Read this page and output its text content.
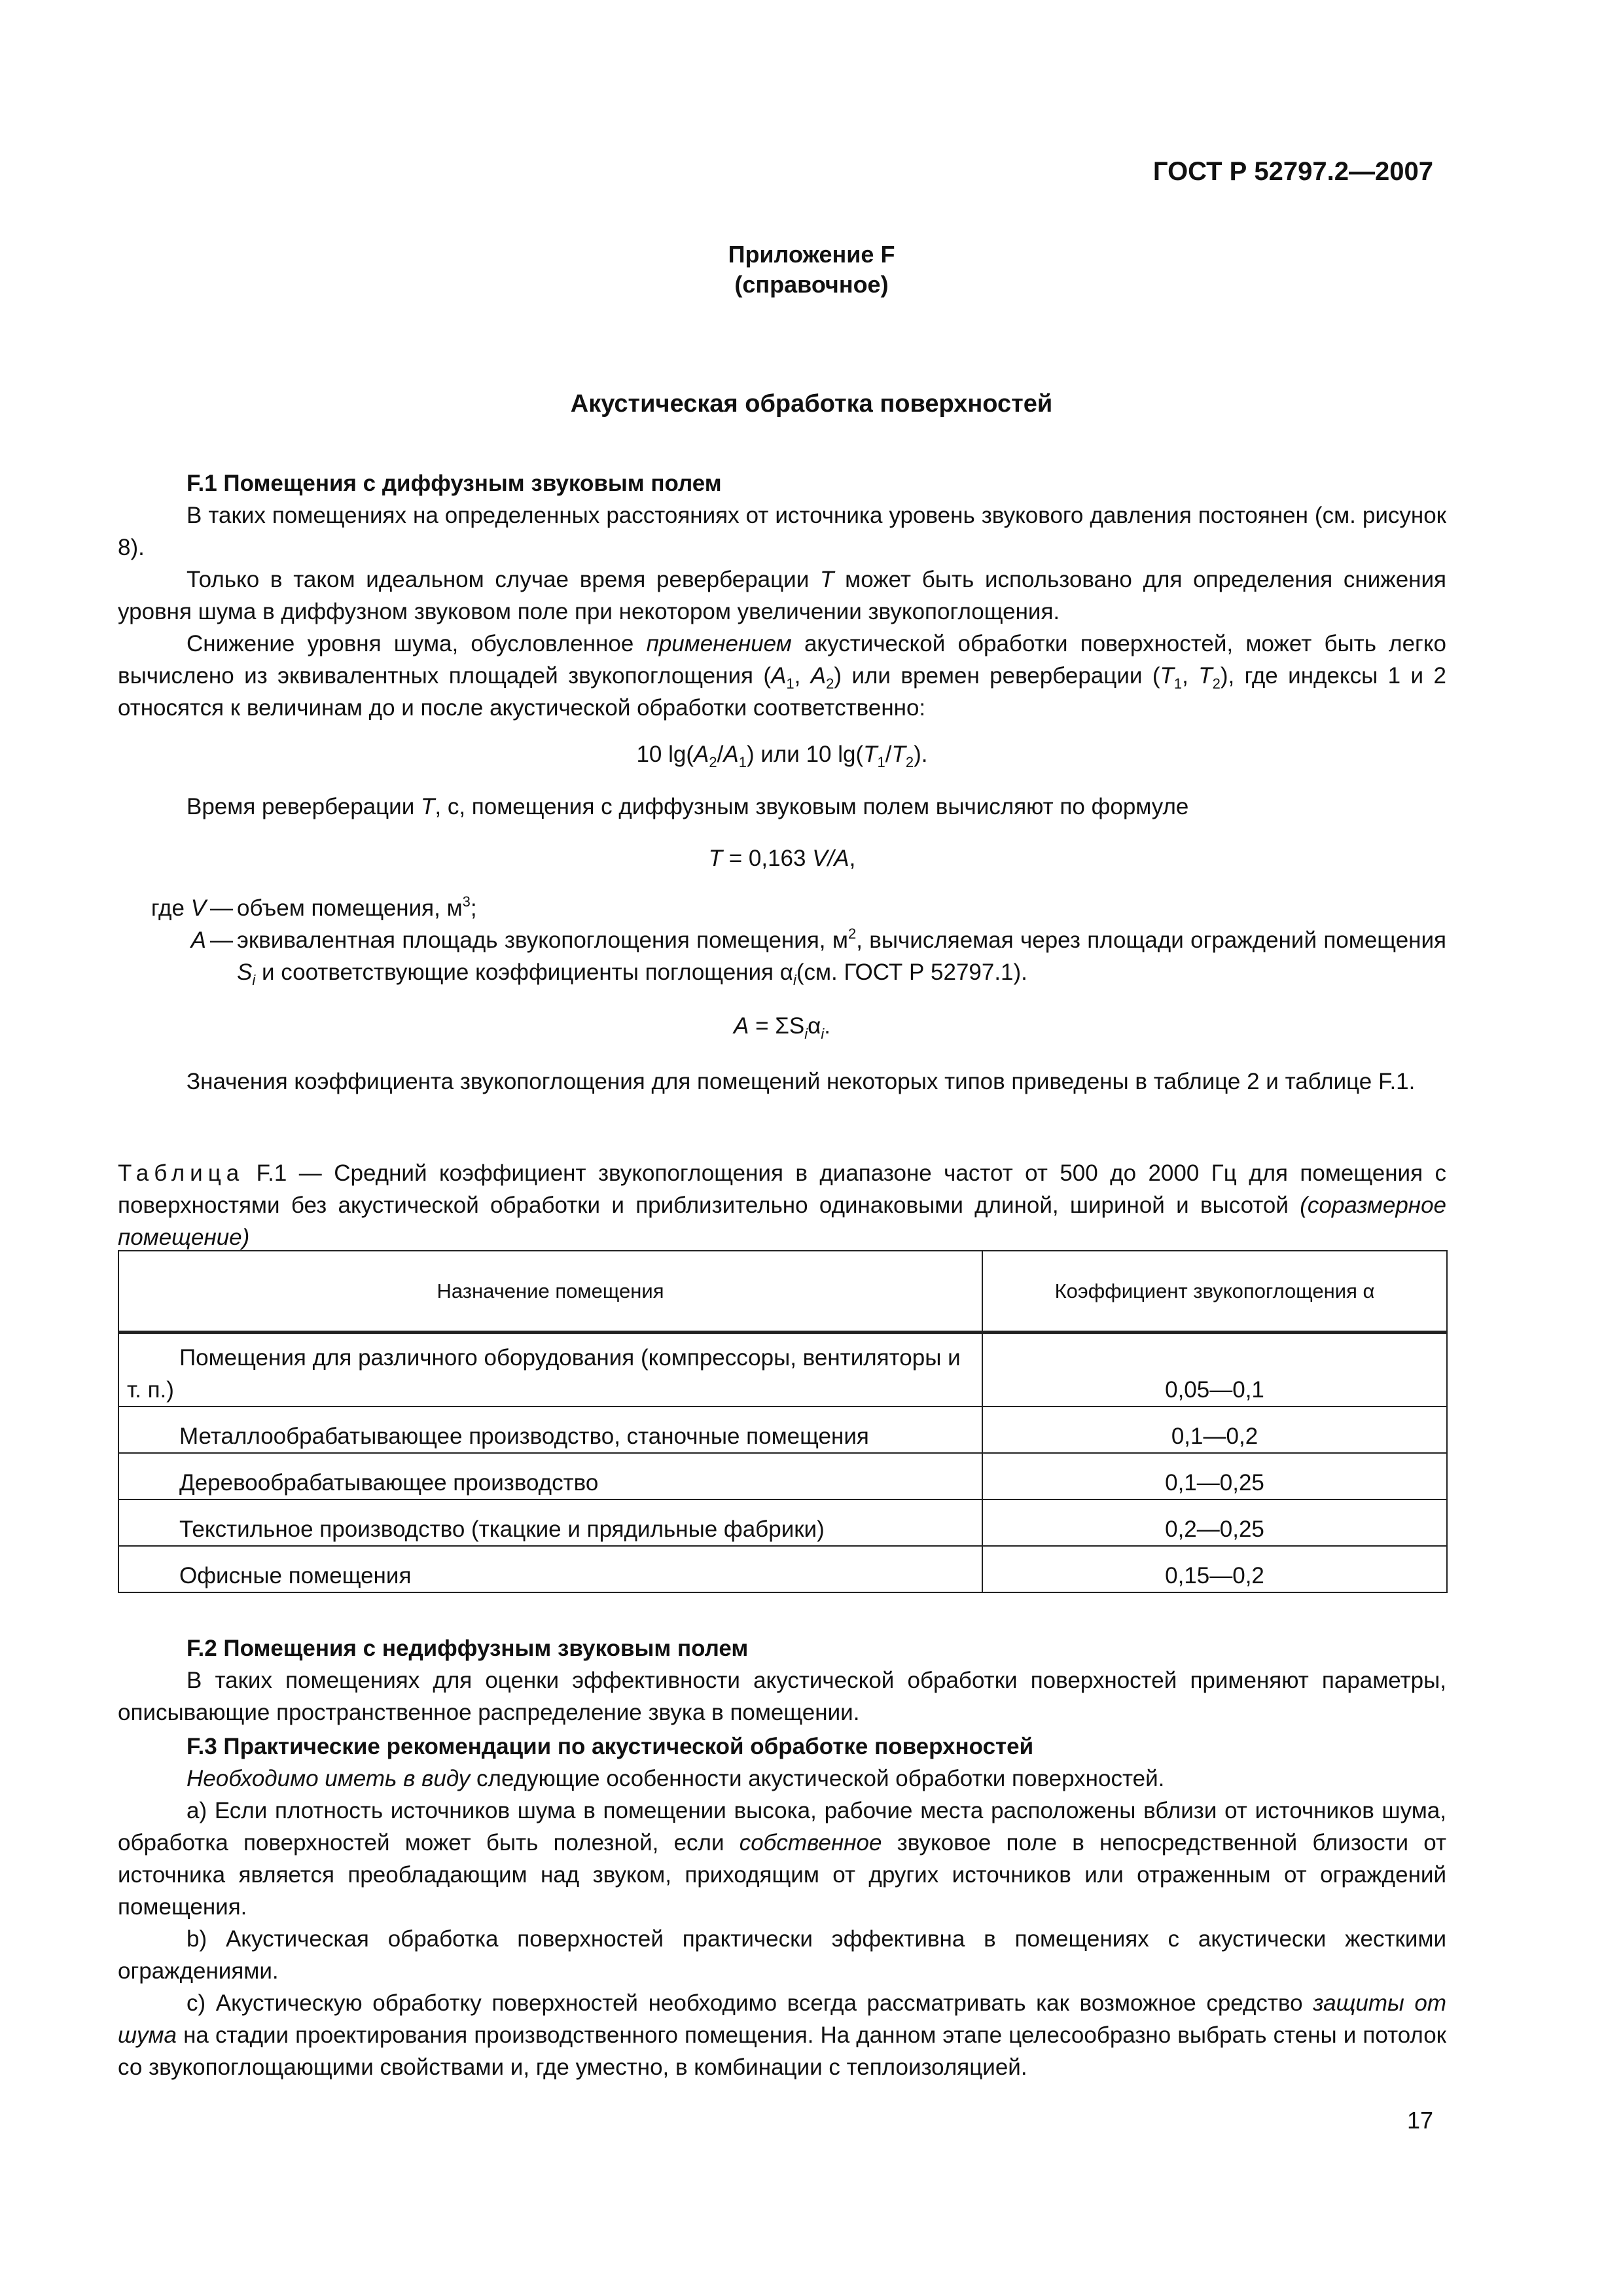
ГОСТ Р 52797.2—2007
Приложение F
(справочное)
Акустическая обработка поверхностей
F.1 Помещения с диффузным звуковым полем

В таких помещениях на определенных расстояниях от источника уровень звукового давления постоянен (см. рисунок 8).

Только в таком идеальном случае время реверберации T может быть использовано для определения снижения уровня шума в диффузном звуковом поле при некотором увеличении звукопоглощения.

Снижение уровня шума, обусловленное применением акустической обработки поверхностей, может быть легко вычислено из эквивалентных площадей звукопоглощения ($A_1$, $A_2$) или времен реверберации ($T_1$, $T_2$), где индексы 1 и 2 относятся к величинам до и после акустической обработки соответственно:

10 $\lg(A_2/A_1)$ или 10 $\lg(T_1/T_2)$.

Время реверберации T, с, помещения с диффузным звуковым полем вычисляют по формуле

T = 0,163 V/A,
где V — объем помещения, $м^3$;
A — эквивалентная площадь звукопоглощения помещения, $м^2$, вычисляемая через площади ограждений помещения $S_i$ и соответствующие коэффициенты поглощения $\alpha_i(см$. ГОСТ Р 52797.1).
$A = \Sigma S_i\alpha_i$.

Значения коэффициента звукопоглощения для помещений некоторых типов приведены в таблице 2 и таблице F.1.

Таблица F.1 — Средний коэффициент звукопоглощения в диапазоне частот от 500 до 2000 Гц для помещения с поверхностями без акустической обработки и приблизительно одинаковыми длиной, шириной и высотой (соразмерное помещение)
Назначение помещения	Коэффициент звукопоглощения α

Помещения для различного оборудования (компрессоры, вентиляторы и т. п.)	0,05—0,1

Металлообрабатывающее производство, станочные помещения	0,1—0,2

Деревообрабатывающее производство	0,1—0,25

Текстильное производство (ткацкие и прядильные фабрики)	0,2—0,25

Офисные помещения	0,15—0,2
F.2 Помещения с недиффузным звуковым полем

В таких помещениях для оценки эффективности акустической обработки поверхностей применяют параметры, описывающие пространственное распределение звука в помещении.

F.3 Практические рекомендации по акустической обработке поверхностей

Необходимо иметь в виду следующие особенности акустической обработки поверхностей.

a) Если плотность источников шума в помещении высока, рабочие места расположены вблизи от источников шума, обработка поверхностей может быть полезной, если собственное звуковое поле в непосредственной близости от источника является преобладающим над звуком, приходящим от других источников или отраженным от ограждений помещения.

b) Акустическая обработка поверхностей практически эффективна в помещениях с акустически жесткими ограждениями.

c) Акустическую обработку поверхностей необходимо всегда рассматривать как возможное средство защиты от шума на стадии проектирования производственного помещения. На данном этапе целесообразно выбрать стены и потолок со звукопоглощающими свойствами и, где уместно, в комбинации с теплоизоляцией.

17
